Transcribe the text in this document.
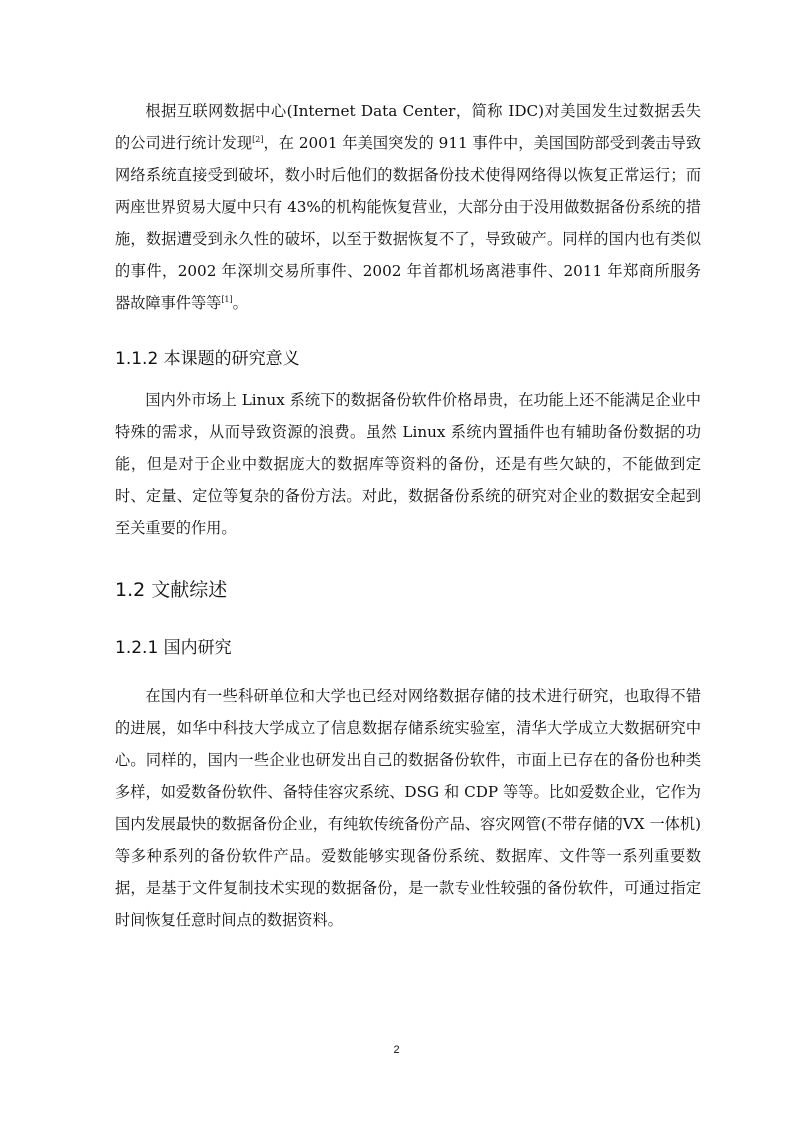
根据互联网数据中心(Internet Data Center，简称 IDC)对美国发生过数据丢失的公司进行统计发现[2]，在 2001 年美国突发的 911 事件中，美国国防部受到袭击导致网络系统直接受到破坏，数小时后他们的数据备份技术使得网络得以恢复正常运行；而两座世界贸易大厦中只有 43%的机构能恢复营业，大部分由于没用做数据备份系统的措施，数据遭受到永久性的破坏，以至于数据恢复不了，导致破产。同样的国内也有类似的事件，2002 年深圳交易所事件、2002 年首都机场离港事件、2011 年郑商所服务器故障事件等等[1]。

1.1.2 本课题的研究意义

国内外市场上 Linux 系统下的数据备份软件价格昂贵，在功能上还不能满足企业中特殊的需求，从而导致资源的浪费。虽然 Linux 系统内置插件也有辅助备份数据的功能，但是对于企业中数据庞大的数据库等资料的备份，还是有些欠缺的，不能做到定时、定量、定位等复杂的备份方法。对此，数据备份系统的研究对企业的数据安全起到至关重要的作用。

1.2 文献综述
1.2.1 国内研究

在国内有一些科研单位和大学也已经对网络数据存储的技术进行研究，也取得不错的进展，如华中科技大学成立了信息数据存储系统实验室，清华大学成立大数据研究中心。同样的，国内一些企业也研发出自己的数据备份软件，市面上已存在的备份也种类多样，如爱数备份软件、备特佳容灾系统、DSG 和 CDP 等等。比如爱数企业，它作为国内发展最快的数据备份企业，有纯软传统备份产品、容灾网管(不带存储的VX 一体机)等多种系列的备份软件产品。爱数能够实现备份系统、数据库、文件等一系列重要数据，是基于文件复制技术实现的数据备份，是一款专业性较强的备份软件，可通过指定时间恢复任意时间点的数据资料。

2
